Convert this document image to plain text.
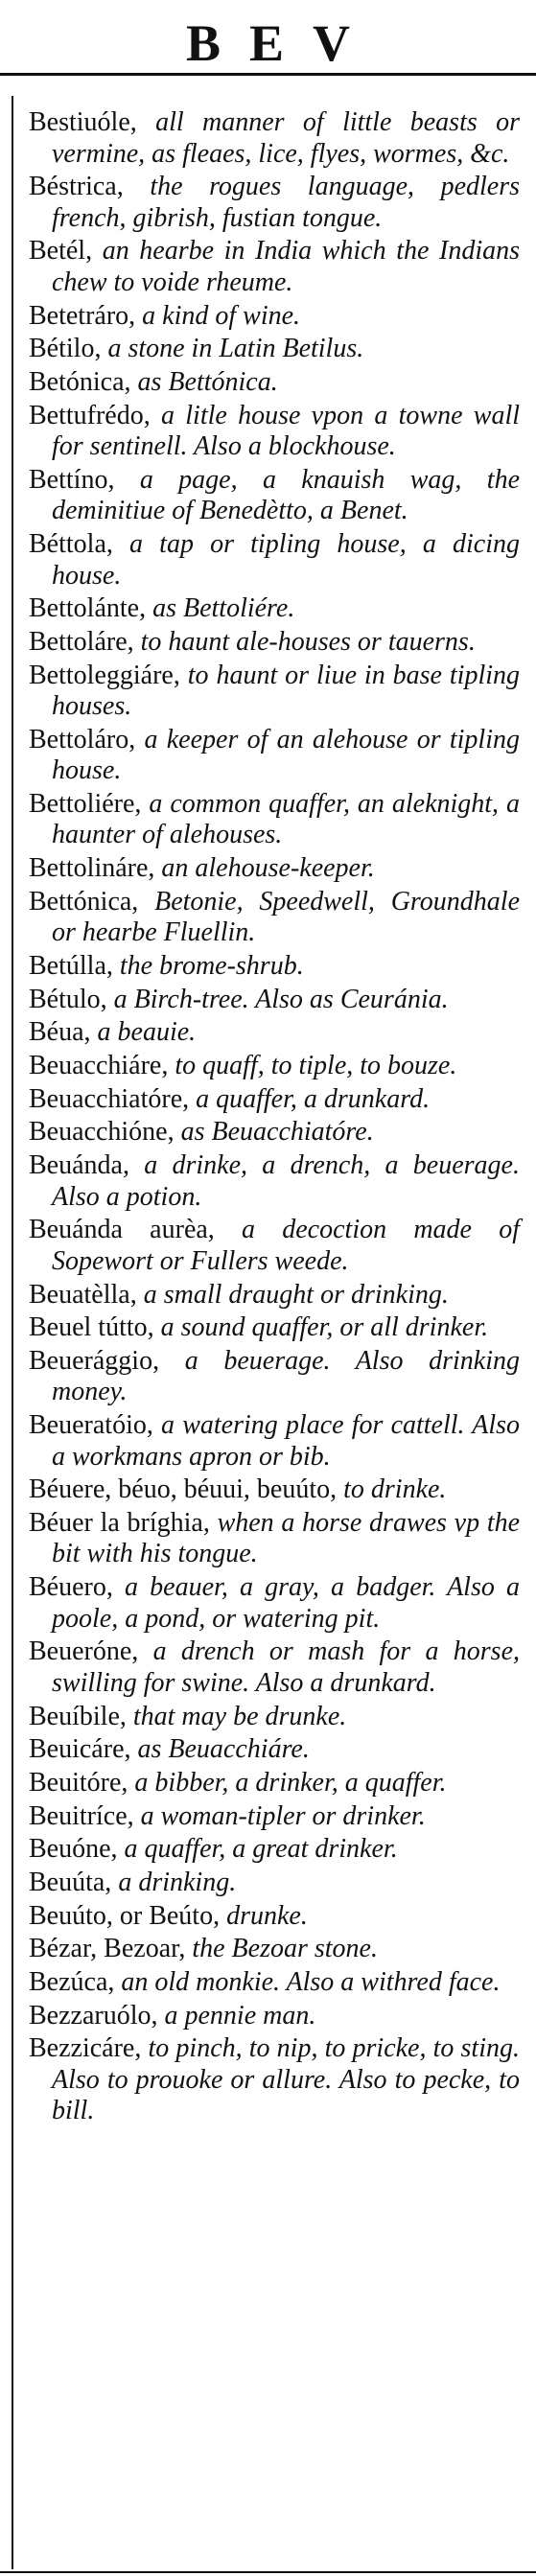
BEV
Bestiuóle, all manner of little beasts or vermine, as fleaes, lice, flyes, wormes, &c.
Béstrica, the rogues language, pedlers french, gibrish, fustian tongue.
Betél, an hearbe in India which the Indians chew to voide rheume.
Betetráro, a kind of wine.
Bétilo, a stone in Latin Betilus.
Betónica, as Bettónica.
Bettufrédo, a litle house vpon a towne wall for sentinell. Also a blockhouse.
Bettíno, a page, a knauish wag, the deminitiue of Benedètto, a Benet.
Béttola, a tap or tipling house, a dicing house.
Bettolánte, as Bettoliére.
Bettoláre, to haunt ale-houses or tauerns.
Bettoleggiáre, to haunt or liue in base tipling houses.
Bettoláro, a keeper of an alehouse or tipling house.
Bettoliére, a common quaffer, an aleknight, a haunter of alehouses.
Bettolináre, an alehouse-keeper.
Bettónica, Betonie, Speedwell, Groundhale or hearbe Fluellin.
Betúlla, the brome-shrub.
Bétulo, a Birch-tree. Also as Ceuránia.
Béua, a beauie.
Beuacchiáre, to quaff, to tiple, to bouze.
Beuacchiatóre, a quaffer, a drunkard.
Beuacchióne, as Beuacchiatóre.
Beuánda, a drinke, a drench, a beuerage. Also a potion.
Beuánda aurèa, a decoction made of Sopewort or Fullers weede.
Beuatèlla, a small draught or drinking.
Beuel tútto, a sound quaffer, or all drinker.
Beuerággio, a beuerage. Also drinking money.
Beueratóio, a watering place for cattell. Also a workmans apron or bib.
Béuere, béuo, béuui, beuúto, to drinke.
Béuer la bríghia, when a horse drawes vp the bit with his tongue.
Béuero, a beauer, a gray, a badger. Also a poole, a pond, or watering pit.
Beueróne, a drench or mash for a horse, swilling for swine. Also a drunkard.
Beuíbile, that may be drunke.
Beuicáre, as Beuacchiáre.
Beuitóre, a bibber, a drinker, a quaffer.
Beuitríce, a woman-tipler or drinker.
Beuóne, a quaffer, a great drinker.
Beuúta, a drinking.
Beuúto, or Beúto, drunke.
Bézar, Bezoar, the Bezoar stone.
Bezúca, an old monkie. Also a withred face.
Bezzaruólo, a pennie man.
Bezzicáre, to pinch, to nip, to pricke, to sting. Also to prouoke or allure. Also to pecke, to bill.
